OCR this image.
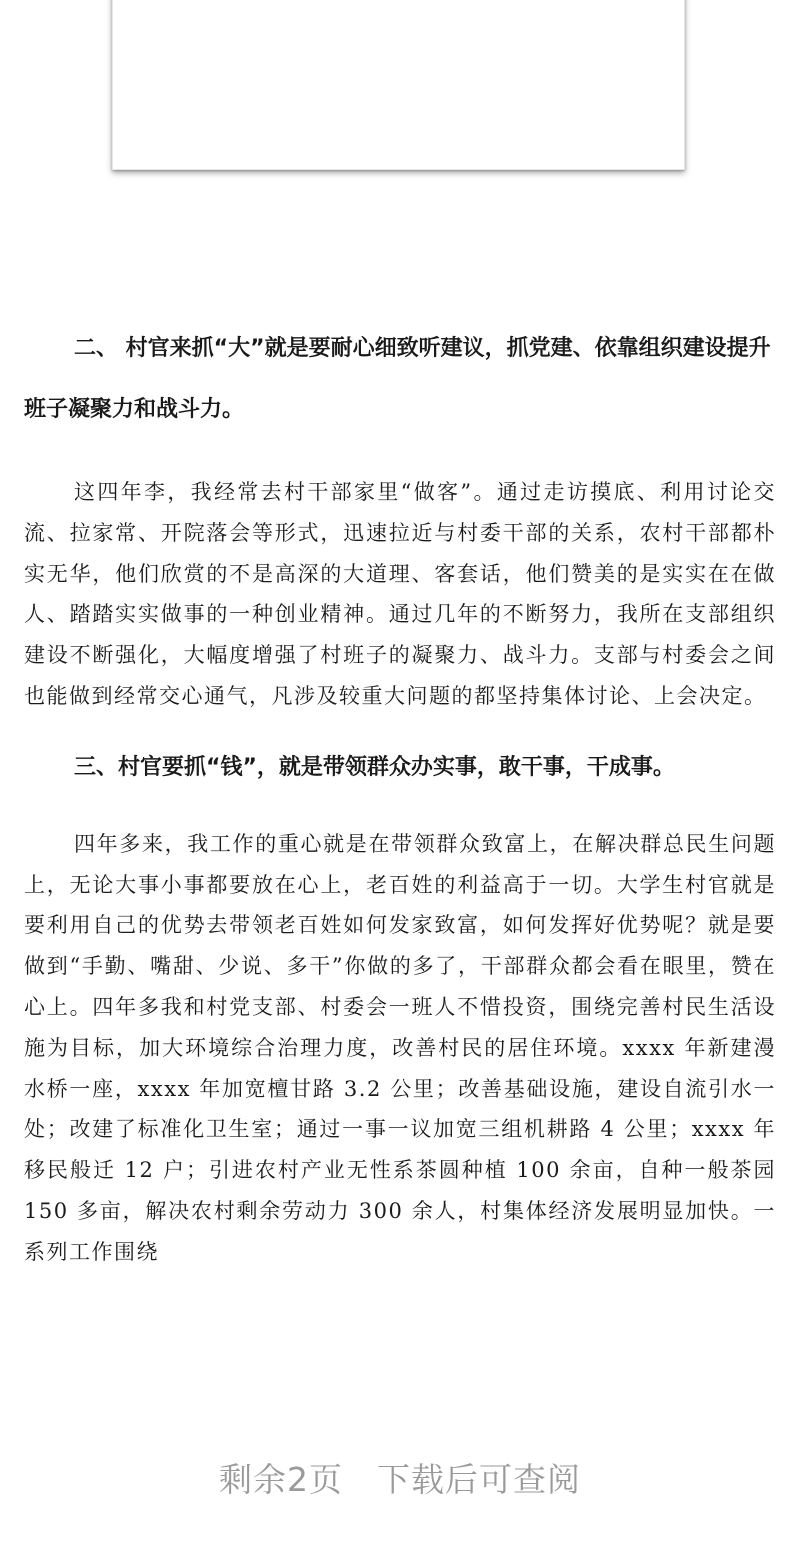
二、 村官来抓“大”就是要耐心细致听建议，抓党建、依靠组织建设提升班子凝聚力和战斗力。

这四年李，我经常去村干部家里“做客”。通过走访摸底、利用讨论交流、拉家常、开院落会等形式，迅速拉近与村委干部的关系，农村干部都朴实无华，他们欣赏的不是高深的大道理、客套话，他们赞美的是实实在在做人、踏踏实实做事的一种创业精神。通过几年的不断努力，我所在支部组织建设不断强化，大幅度增强了村班子的凝聚力、战斗力。支部与村委会之间也能做到经常交心通气，凡涉及较重大问题的都坚持集体讨论、上会决定。

三、村官要抓“钱”，就是带领群众办实事，敢干事，干成事。

四年多来，我工作的重心就是在带领群众致富上，在解决群总民生问题上，无论大事小事都要放在心上，老百姓的利益高于一切。大学生村官就是要利用自己的优势去带领老百姓如何发家致富，如何发挥好优势呢？就是要做到“手勤、嘴甜、少说、多干”你做的多了，干部群众都会看在眼里，赞在心上。四年多我和村党支部、村委会一班人不惜投资，围绕完善村民生活设施为目标，加大环境综合治理力度，改善村民的居住环境。xxxx 年新建漫水桥一座，xxxx 年加宽檀甘路 3.2 公里；改善基础设施，建设自流引水一处；改建了标准化卫生室；通过一事一议加宽三组机耕路 4 公里；xxxx 年移民般迁 12 户；引进农村产业无性系茶圆种植 100 余亩，自种一般茶园 150 多亩，解决农村剩余劳动力 300 余人，村集体经济发展明显加快。一系列工作围绕

剩余2页　下载后可查阅
